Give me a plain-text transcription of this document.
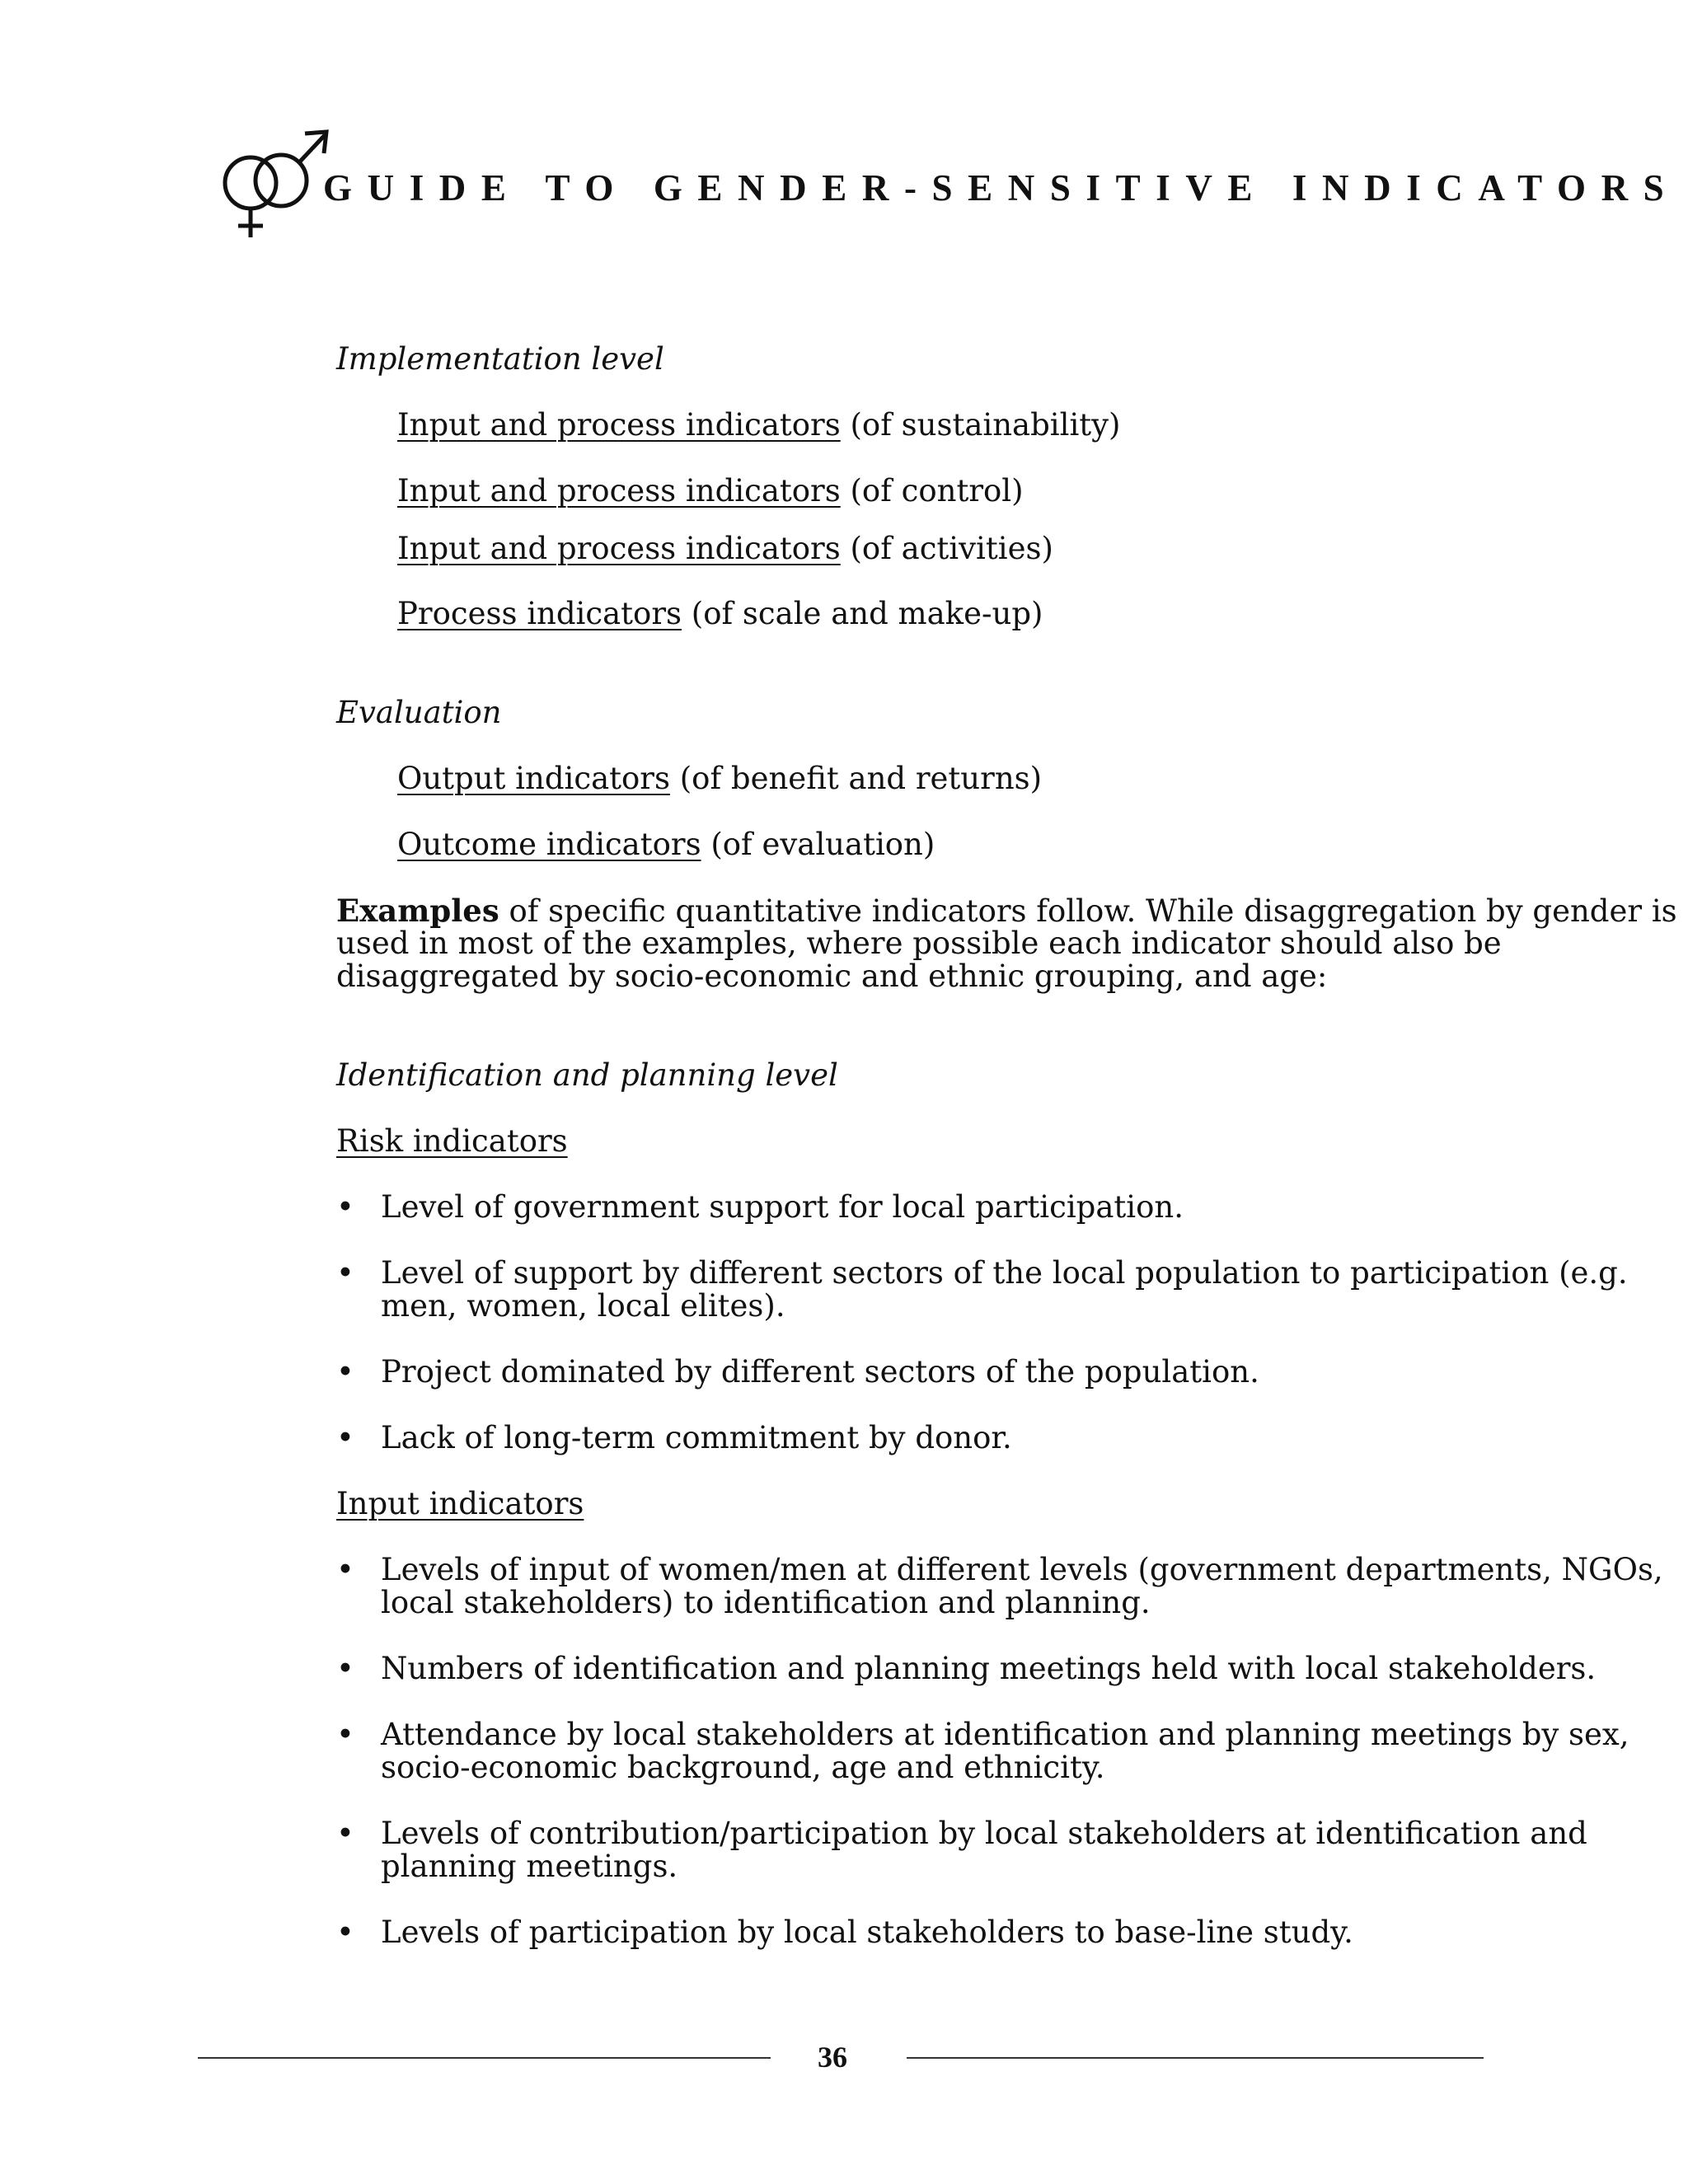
GUIDE TO GENDER-SENSITIVE INDICATORS
Implementation level
Input and process indicators (of sustainability)
Input and process indicators (of control)
Input and process indicators (of activities)
Process indicators (of scale and make-up)
Evaluation
Output indicators (of benefit and returns)
Outcome indicators (of evaluation)
Examples of specific quantitative indicators follow. While disaggregation by gender is
used in most of the examples, where possible each indicator should also be
disaggregated by socio-economic and ethnic grouping, and age:
Identification and planning level
Risk indicators
• Level of government support for local participation.
• Level of support by different sectors of the local population to participation (e.g.
men, women, local elites).
• Project dominated by different sectors of the population.
• Lack of long-term commitment by donor.
Input indicators
• Levels of input of women/men at different levels (government departments, NGOs,
local stakeholders) to identification and planning.
• Numbers of identification and planning meetings held with local stakeholders.
• Attendance by local stakeholders at identification and planning meetings by sex,
socio-economic background, age and ethnicity.
• Levels of contribution/participation by local stakeholders at identification and
planning meetings.
• Levels of participation by local stakeholders to base-line study.
36
